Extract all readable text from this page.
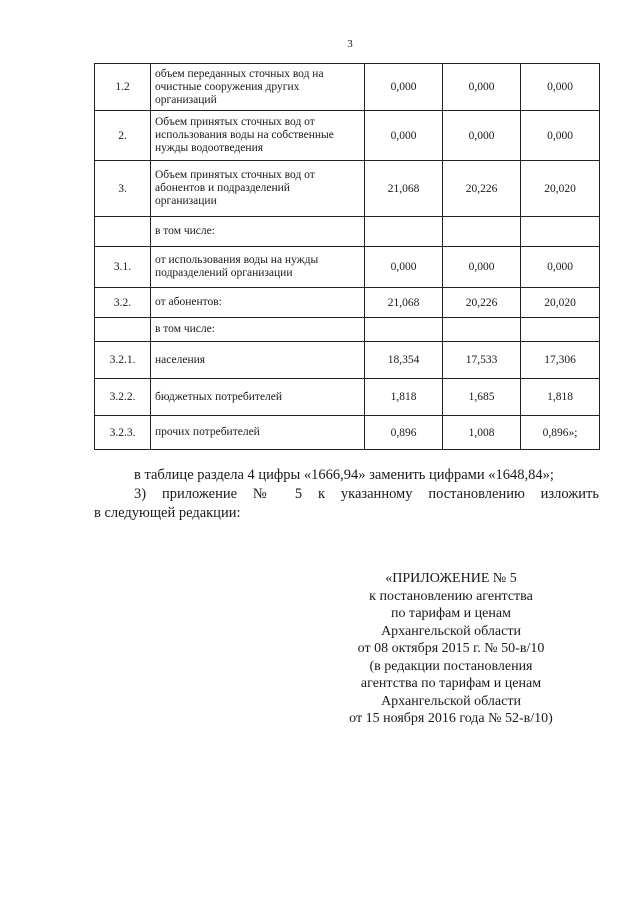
3
1.2	объем переданных сточных вод на
очистные сооружения других
организаций	0,000	0,000	0,000
2.	Объем принятых сточных вод от
использования воды на собственные
нужды водоотведения	0,000	0,000	0,000
3.	Объем принятых сточных вод от
абонентов и подразделений
организации	21,068	20,226	20,020

	в том числе:			

3.1.	от использования воды на нужды
подразделений организации	0,000	0,000	0,000
3.2.	от абонентов:	21,068	20,226	20,020

	в том числе:			

3.2.1.	населения	18,354	17,533	17,306
3.2.2.	бюджетных потребителей	1,818	1,685	1,818
3.2.3.	прочих потребителей	0,896	1,008	0,896»;
в таблице раздела 4 цифры «1666,94» заменить цифрами «1648,84»;
3) приложение № 5 к указанному постановлению изложить
в следующей редакции:
«ПРИЛОЖЕНИЕ № 5
к постановлению агентства
по тарифам и ценам
Архангельской области
от 08 октября 2015 г. № 50-в/10
(в редакции постановления
агентства по тарифам и ценам
Архангельской области
от 15 ноября 2016 года № 52-в/10)
